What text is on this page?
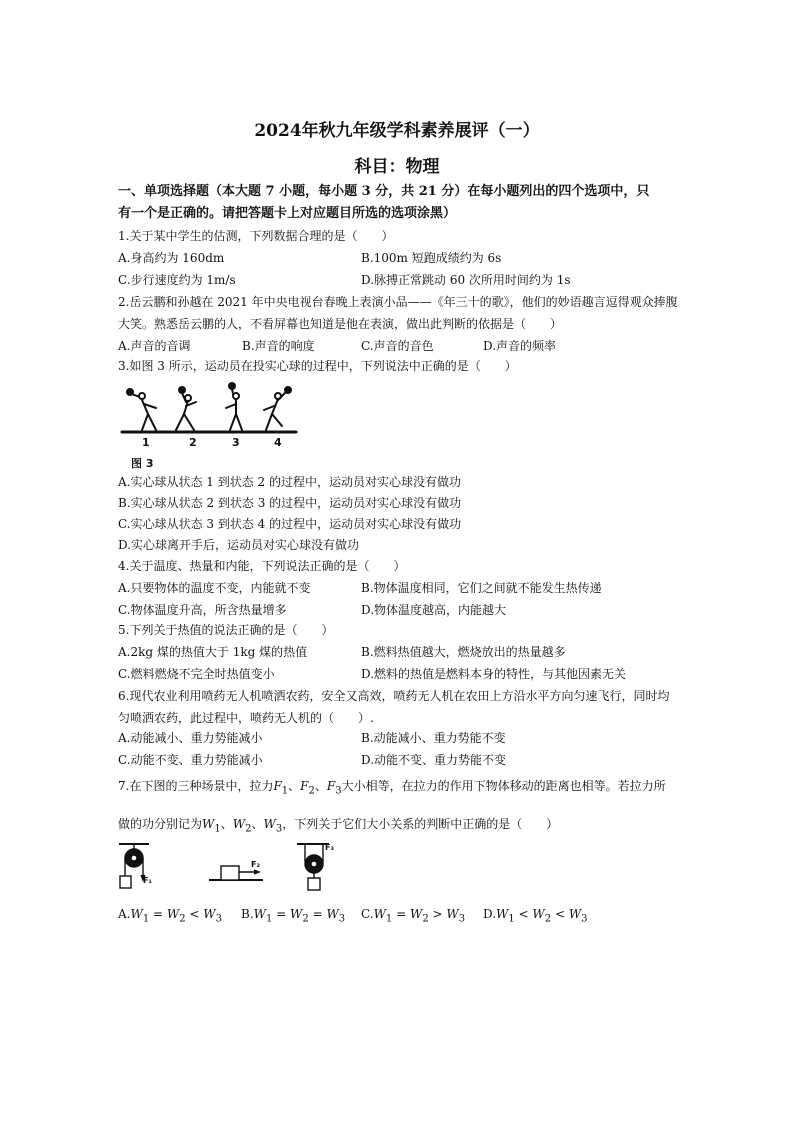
2024年秋九年级学科素养展评（一）
科目：物理
一、单项选择题（本大题 7 小题，每小题 3 分，共 21 分）在每小题列出的四个选项中，只
有一个是正确的。请把答题卡上对应题目所选的选项涂黑）
1.关于某中学生的估测，下列数据合理的是（　　）
A.身高约为 160dm	B.100m 短跑成绩约为 6s
C.步行速度约为 1m/s	D.脉搏正常跳动 60 次所用时间约为 1s
2.岳云鹏和孙越在 2021 年中央电视台春晚上表演小品——《年三十的歌》，他们的妙语趣言逗得观众捧腹
大笑。熟悉岳云鹏的人，不看屏幕也知道是他在表演，做出此判断的依据是（　　）
A.声音的音调	B.声音的响度	C.声音的音色	D.声音的频率
3.如图 3 所示，运动员在投实心球的过程中，下列说法中正确的是（　　）
1	2	3	4
图 3
A.实心球从状态 1 到状态 2 的过程中，运动员对实心球没有做功
B.实心球从状态 2 到状态 3 的过程中，运动员对实心球没有做功
C.实心球从状态 3 到状态 4 的过程中，运动员对实心球没有做功
D.实心球离开手后，运动员对实心球没有做功
4.关于温度、热量和内能，下列说法正确的是（　　）
A.只要物体的温度不变，内能就不变	B.物体温度相同，它们之间就不能发生热传递
C.物体温度升高，所含热量增多	D.物体温度越高，内能越大
5.下列关于热值的说法正确的是（　　）
A.2kg 煤的热值大于 1kg 煤的热值	B.燃料热值越大，燃烧放出的热量越多
C.燃料燃烧不完全时热值变小	D.燃料的热值是燃料本身的特性，与其他因素无关
6.现代农业利用喷药无人机喷洒农药，安全又高效，喷药无人机在农田上方沿水平方向匀速飞行，同时均
匀喷洒农药，此过程中，喷药无人机的（　　）.
A.动能减小、重力势能减小	B.动能减小、重力势能不变
C.动能不变、重力势能减小	D.动能不变、重力势能不变
7.在下图的三种场景中，拉力$F_1$、$F_2$、$F_3$大小相等，在拉力的作用下物体移动的距离也相等。若拉力所
做的功分别记为$W_1$、$W_2$、$W_3$，下列关于它们大小关系的判断中正确的是（　　）
F₁
F₂
F₃
$A.W_1 = W_2 < W_3$ $B.W_1 = W_2 = W_3$ $C.W_1 = W_2 > W_3$ $D.W_1 < W_2 < W_3$
